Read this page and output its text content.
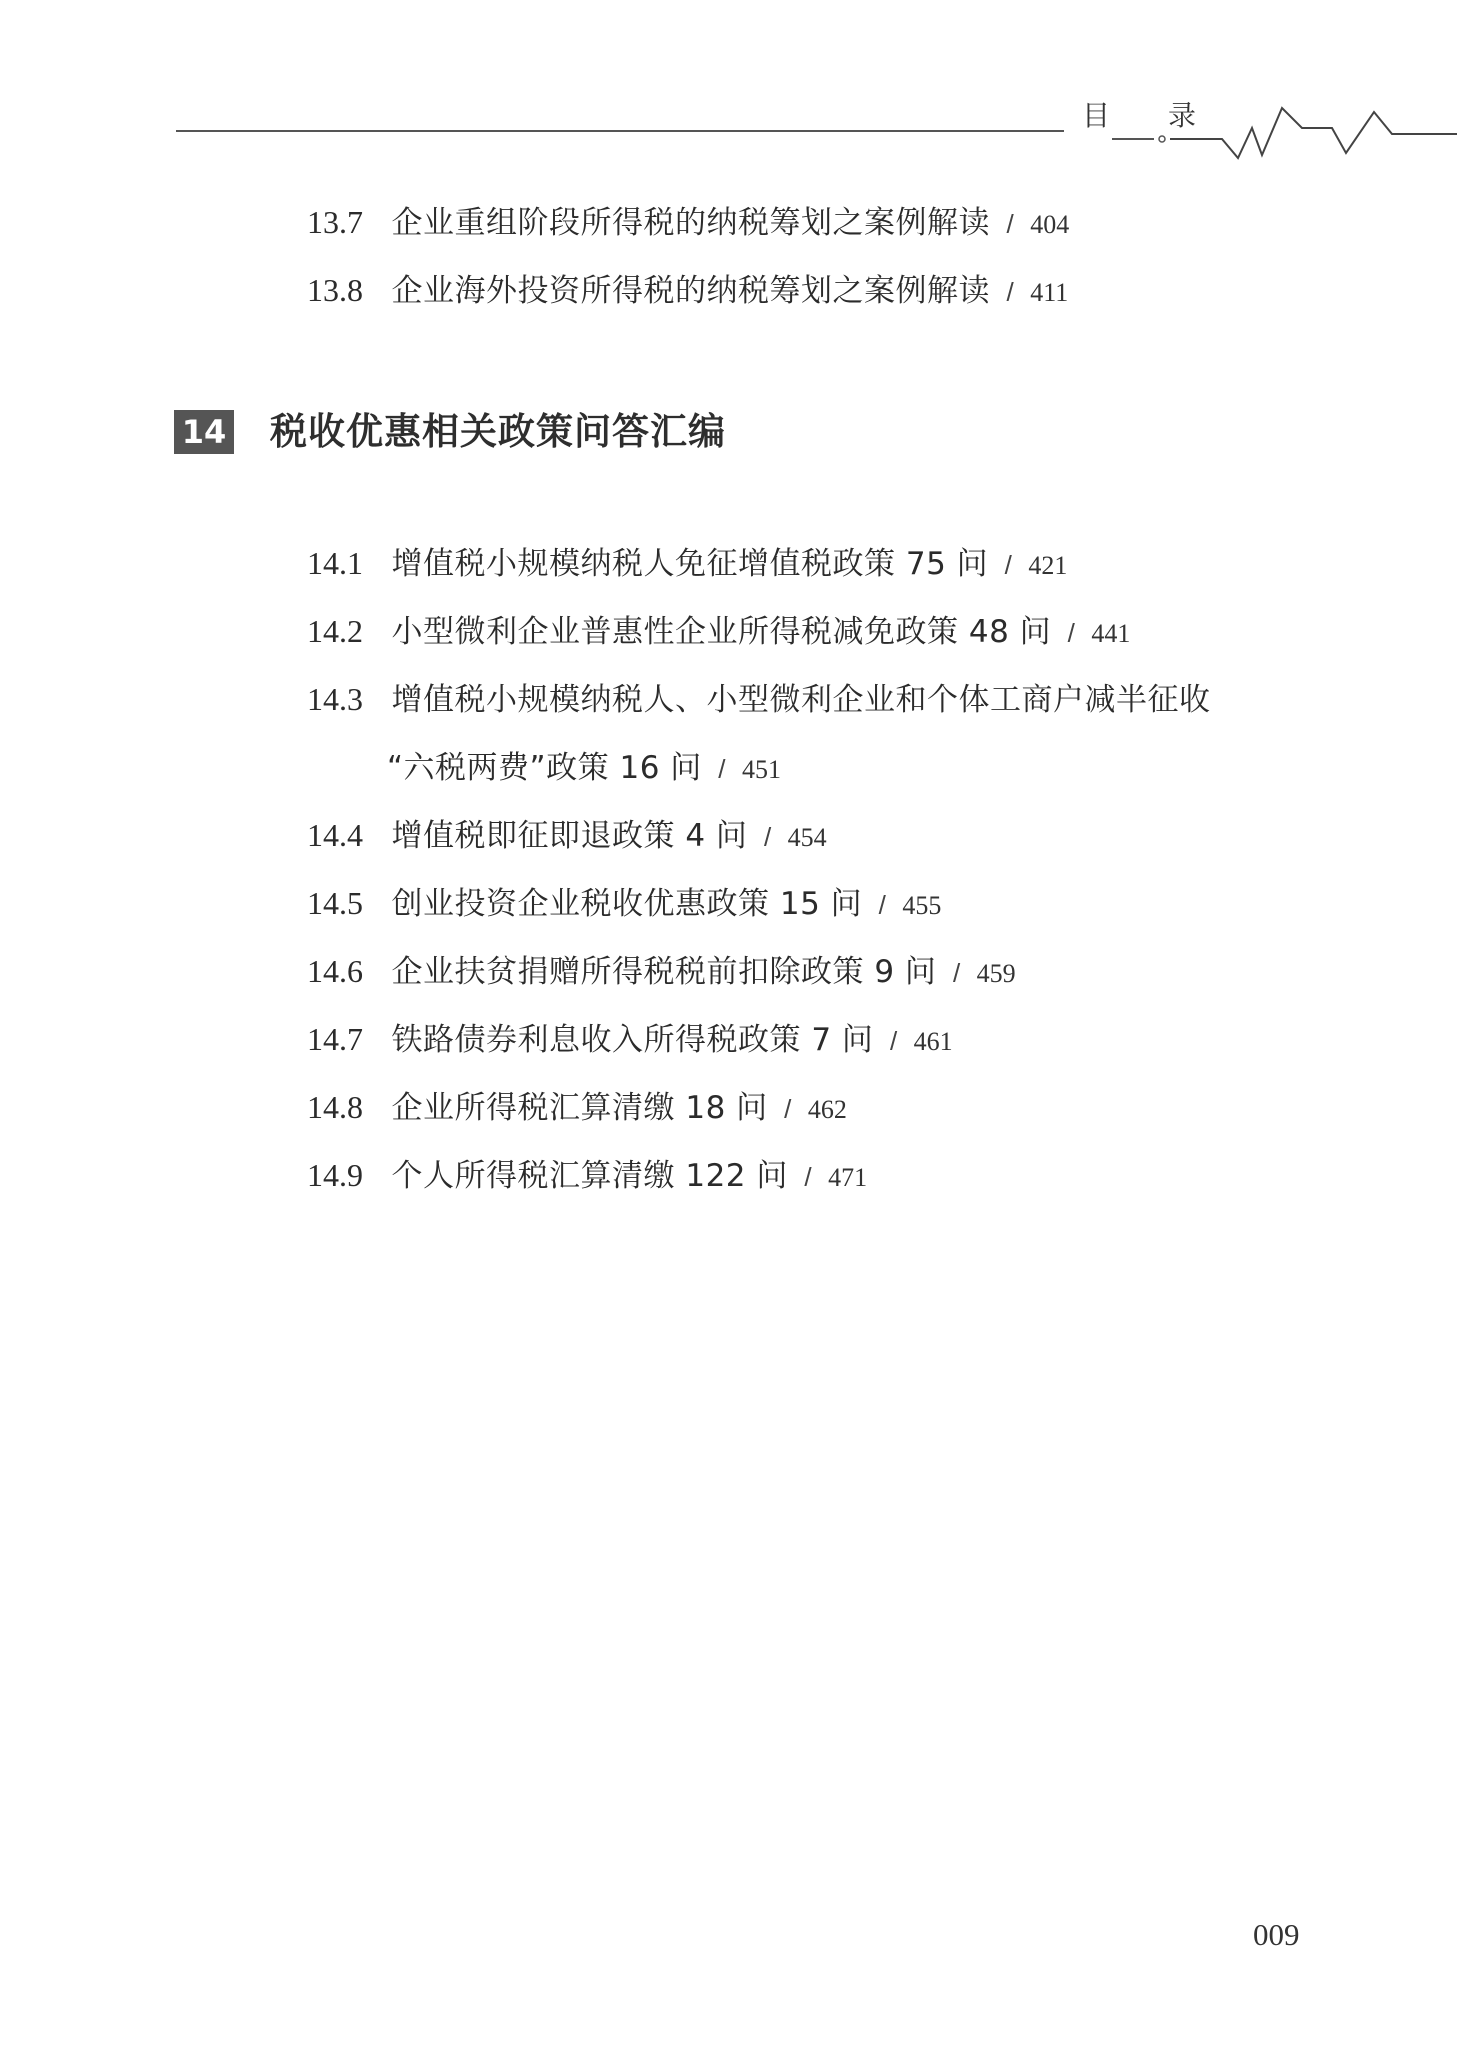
目录
13.7 企业重组阶段所得税的纳税筹划之案例解读 / 404
13.8 企业海外投资所得税的纳税筹划之案例解读 / 411
14 税收优惠相关政策问答汇编
14.1 增值税小规模纳税人免征增值税政策 75 问 / 421
14.2 小型微利企业普惠性企业所得税减免政策 48 问 / 441
14.3 增值税小规模纳税人、小型微利企业和个体工商户减半征收
“六税两费”政策 16 问 / 451
14.4 增值税即征即退政策 4 问 / 454
14.5 创业投资企业税收优惠政策 15 问 / 455
14.6 企业扶贫捐赠所得税税前扣除政策 9 问 / 459
14.7 铁路债券利息收入所得税政策 7 问 / 461
14.8 企业所得税汇算清缴 18 问 / 462
14.9 个人所得税汇算清缴 122 问 / 471
009
